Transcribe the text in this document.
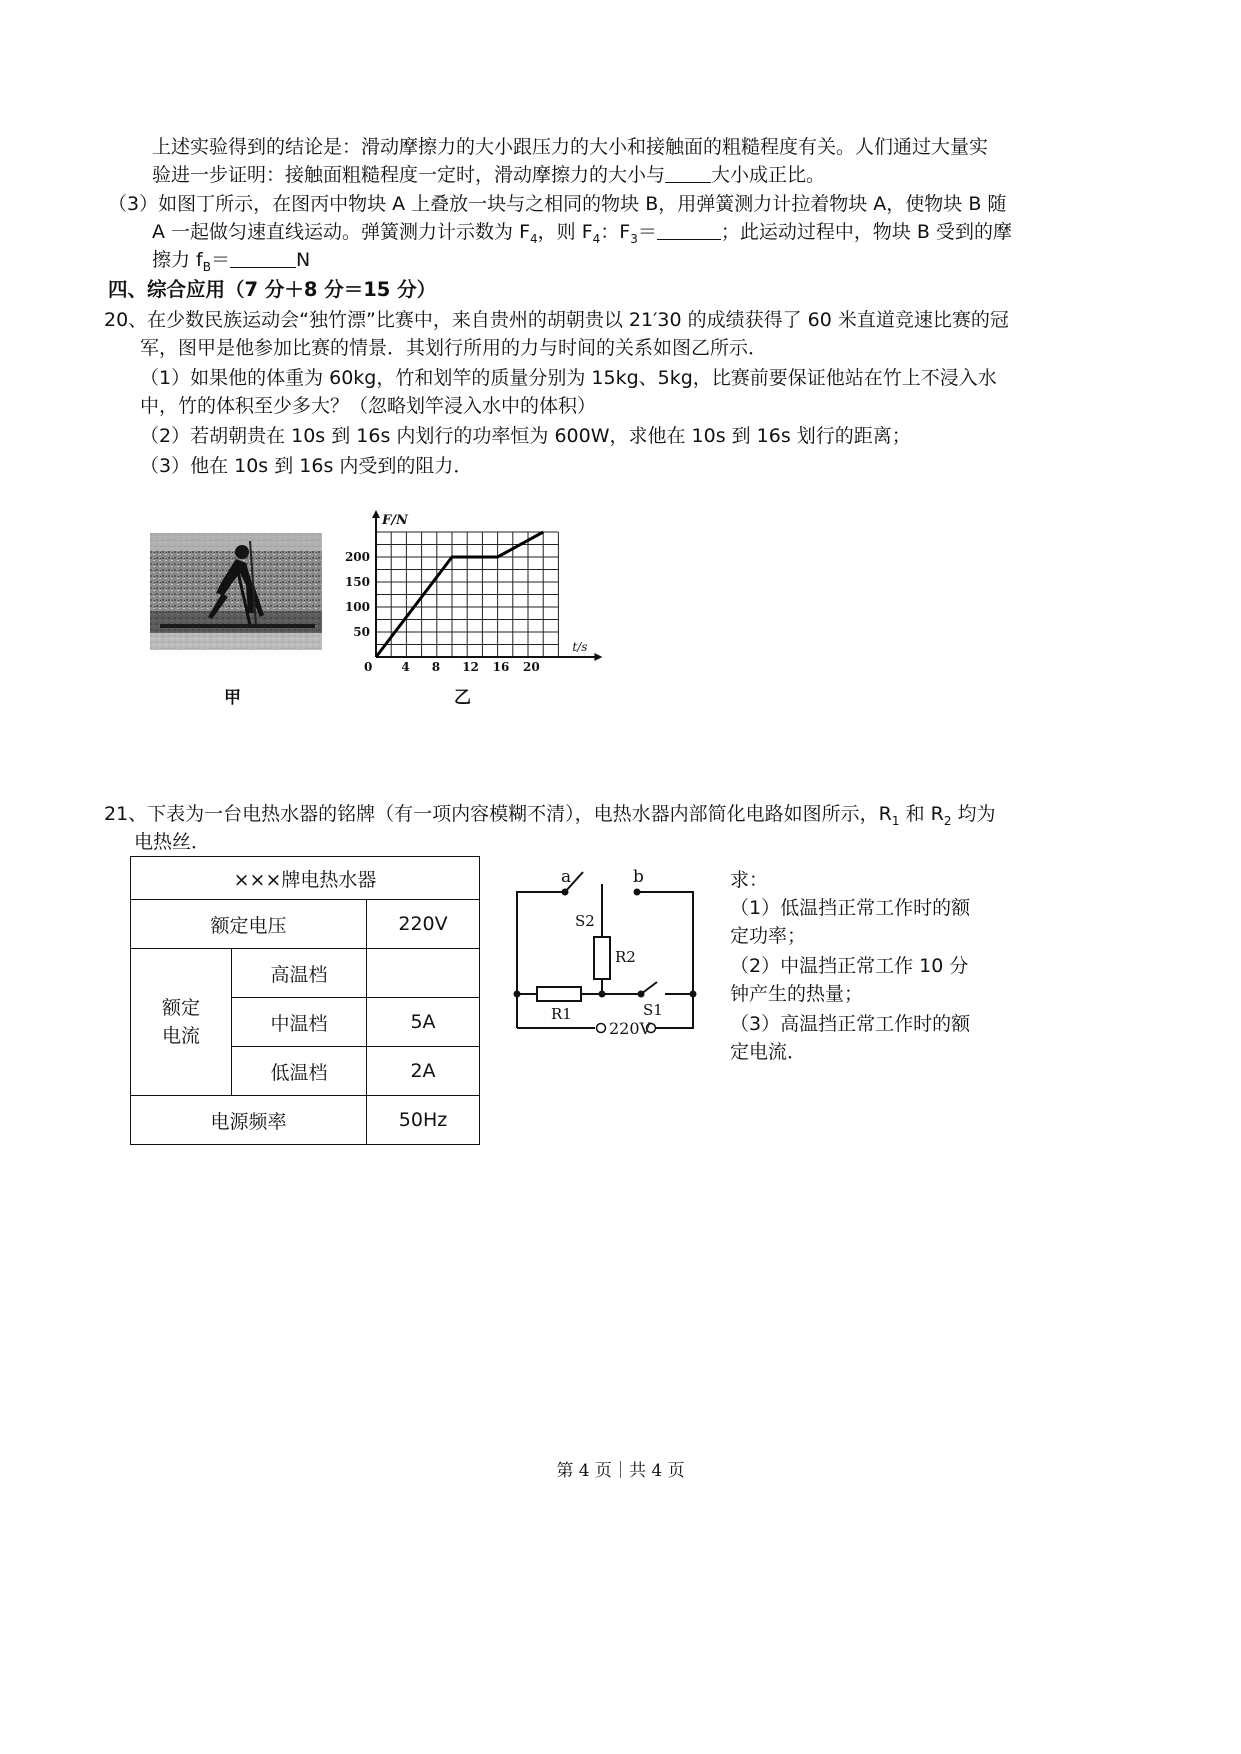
上述实验得到的结论是：滑动摩擦力的大小跟压力的大小和接触面的粗糙程度有关。人们通过大量实
验进一步证明：接触面粗糙程度一定时，滑动摩擦力的大小与 大小成正比。
（3）如图丁所示，在图丙中物块 A 上叠放一块与之相同的物块 B，用弹簧测力计拉着物块 A，使物块 B 随
A 一起做匀速直线运动。弹簧测力计示数为 $F_4$，则 $F_4$：$F_3=$	；此运动过程中，物块 B 受到的摩
擦力 $f_B=$	N
四、综合应用（7 分＋8 分＝15 分）
20、在少数民族运动会“独竹漂”比赛中，来自贵州的胡朝贵以 21′30 的成绩获得了 60 米直道竞速比赛的冠
军，图甲是他参加比赛的情景．其划行所用的力与时间的关系如图乙所示．
（1）如果他的体重为 60kg，竹和划竿的质量分别为 15kg、5kg，比赛前要保证他站在竹上不浸入水
中，竹的体积至少多大？（忽略划竿浸入水中的体积）
（2）若胡朝贵在 10s 到 16s 内划行的功率恒为 600W，求他在 10s 到 16s 划行的距离；
（3）他在 10s 到 16s 内受到的阻力．
甲
0 4 8 12 16 20
50
100
150
200
F/N
t/s
乙
21、下表为一台电热水器的铭牌（有一项内容模糊不清），电热水器内部简化电路如图所示，$R_1$ 和 $R_2$ 均为
电热丝．
×××牌电热水器		
额定电压		220V
额定
电流	高温档	
	中温档	5A
	低温档	2A
电源频率		50Hz
a	b
S2
R2
R1	S1
220V
求：
（1）低温挡正常工作时的额
定功率；
（2）中温挡正常工作 10 分
钟产生的热量；
（3）高温挡正常工作时的额
定电流．
第 4 页｜共 4 页
